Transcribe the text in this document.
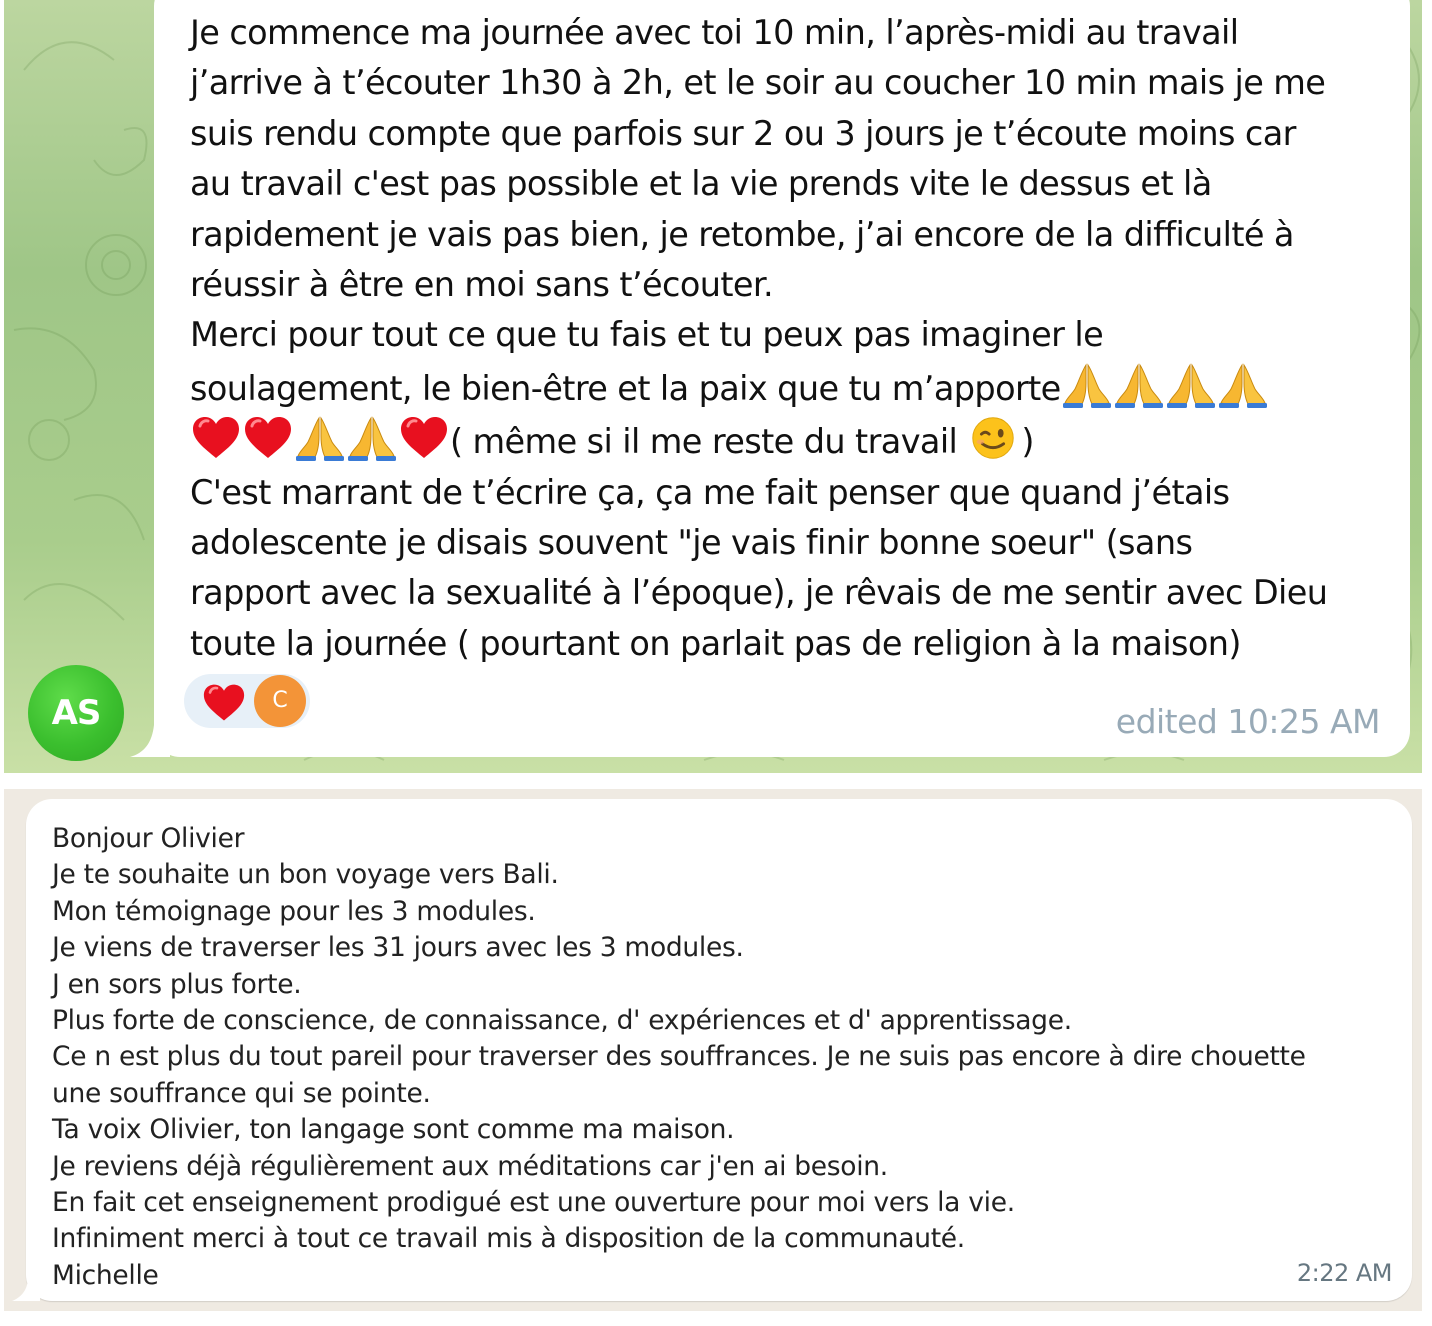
Je commence ma journée avec toi 10 min, l’après-midi au travail
j’arrive à t’écouter 1h30 à 2h, et le soir au coucher 10 min mais je me
suis rendu compte que parfois sur 2 ou 3 jours je t’écoute moins car
au travail c'est pas possible et la vie prends vite le dessus et là
rapidement je vais pas bien, je retombe, j’ai encore de la difficulté à
réussir à être en moi sans t’écouter.
Merci pour tout ce que tu fais et tu peux pas imaginer le
soulagement, le bien-être et la paix que tu m’apporte
( même si il me reste du travail
)
C'est marrant de t’écrire ça, ça me fait penser que quand j’étais
adolescente je disais souvent "je vais finir bonne soeur" (sans
rapport avec la sexualité à l’époque), je rêvais de me sentir avec Dieu
toute la journée ( pourtant on parlait pas de religion à la maison)
C
edited 10:25 AM
AS
Bonjour Olivier
Je te souhaite un bon voyage vers Bali.
Mon témoignage pour les 3 modules.
Je viens de traverser les 31 jours avec les 3 modules.
J en sors plus forte.
Plus forte de conscience, de connaissance, d' expériences et d' apprentissage.
Ce n est plus du tout pareil pour traverser des souffrances. Je ne suis pas encore à dire chouette
une souffrance qui se pointe.
Ta voix Olivier, ton langage sont comme ma maison.
Je reviens déjà régulièrement aux méditations car j'en ai besoin.
En fait cet enseignement prodigué est une ouverture pour moi vers la vie.
Infiniment merci à tout ce travail mis à disposition de la communauté.
Michelle	2:22 AM
